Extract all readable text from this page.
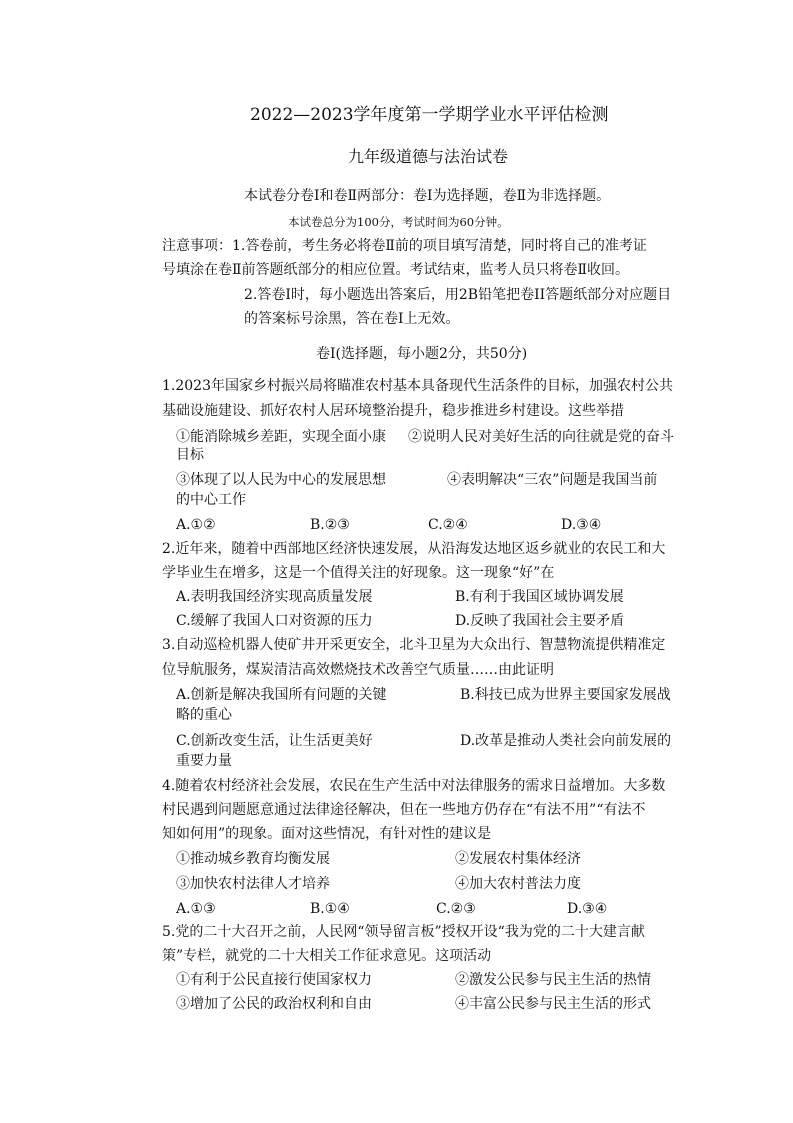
2022—2023学年度第一学期学业水平评估检测
九年级道德与法治试卷
本试卷分卷Ⅰ和卷Ⅱ两部分：卷Ⅰ为选择题，卷Ⅱ为非选择题。
本试卷总分为100分，考试时间为60分钟。
注意事项：1.答卷前，考生务必将卷Ⅱ前的项目填写清楚，同时将自己的准考证
号填涂在卷Ⅱ前答题纸部分的相应位置。考试结束，监考人员只将卷Ⅱ收回。
2.答卷Ⅰ时，每小题选出答案后，用2B铅笔把卷II答题纸部分对应题目
的答案标号涂黑，答在卷Ⅰ上无效。
卷Ⅰ(选择题，每小题2分，共50分)
1.2023年国家乡村振兴局将瞄准农村基本具备现代生活条件的目标，加强农村公共
基础设施建设、抓好农村人居环境整治提升，稳步推进乡村建设。这些举措
①能消除城乡差距，实现全面小康 ②说明人民对美好生活的向往就是党的奋斗
目标
③体现了以人民为中心的发展思想	④表明解决“三农”问题是我国当前
的中心工作
A.①②	B.②③	C.②④	D.③④
2.近年来，随着中西部地区经济快速发展，从沿海发达地区返乡就业的农民工和大
学毕业生在增多，这是一个值得关注的好现象。这一现象“好”在
A.表明我国经济实现高质量发展	B.有利于我国区域协调发展
C.缓解了我国人口对资源的压力	D.反映了我国社会主要矛盾
3.自动巡检机器人使矿井开采更安全，北斗卫星为大众出行、智慧物流提供精准定
位导航服务，煤炭清洁高效燃烧技术改善空气质量……由此证明
A.创新是解决我国所有问题的关键	B.科技已成为世界主要国家发展战
略的重心
C.创新改变生活，让生活更美好	D.改革是推动人类社会向前发展的
重要力量
4.随着农村经济社会发展，农民在生产生活中对法律服务的需求日益增加。大多数
村民遇到问题愿意通过法律途径解决，但在一些地方仍存在“有法不用”“有法不
知如何用”的现象。面对这些情况，有针对性的建议是
①推动城乡教育均衡发展	②发展农村集体经济
③加快农村法律人才培养	④加大农村普法力度
A.①③	B.①④	C.②③	D.③④
5.党的二十大召开之前，人民网“领导留言板”授权开设“我为党的二十大建言献
策”专栏，就党的二十大相关工作征求意见。这项活动
①有利于公民直接行使国家权力	②激发公民参与民主生活的热情
③增加了公民的政治权利和自由	④丰富公民参与民主生活的形式
